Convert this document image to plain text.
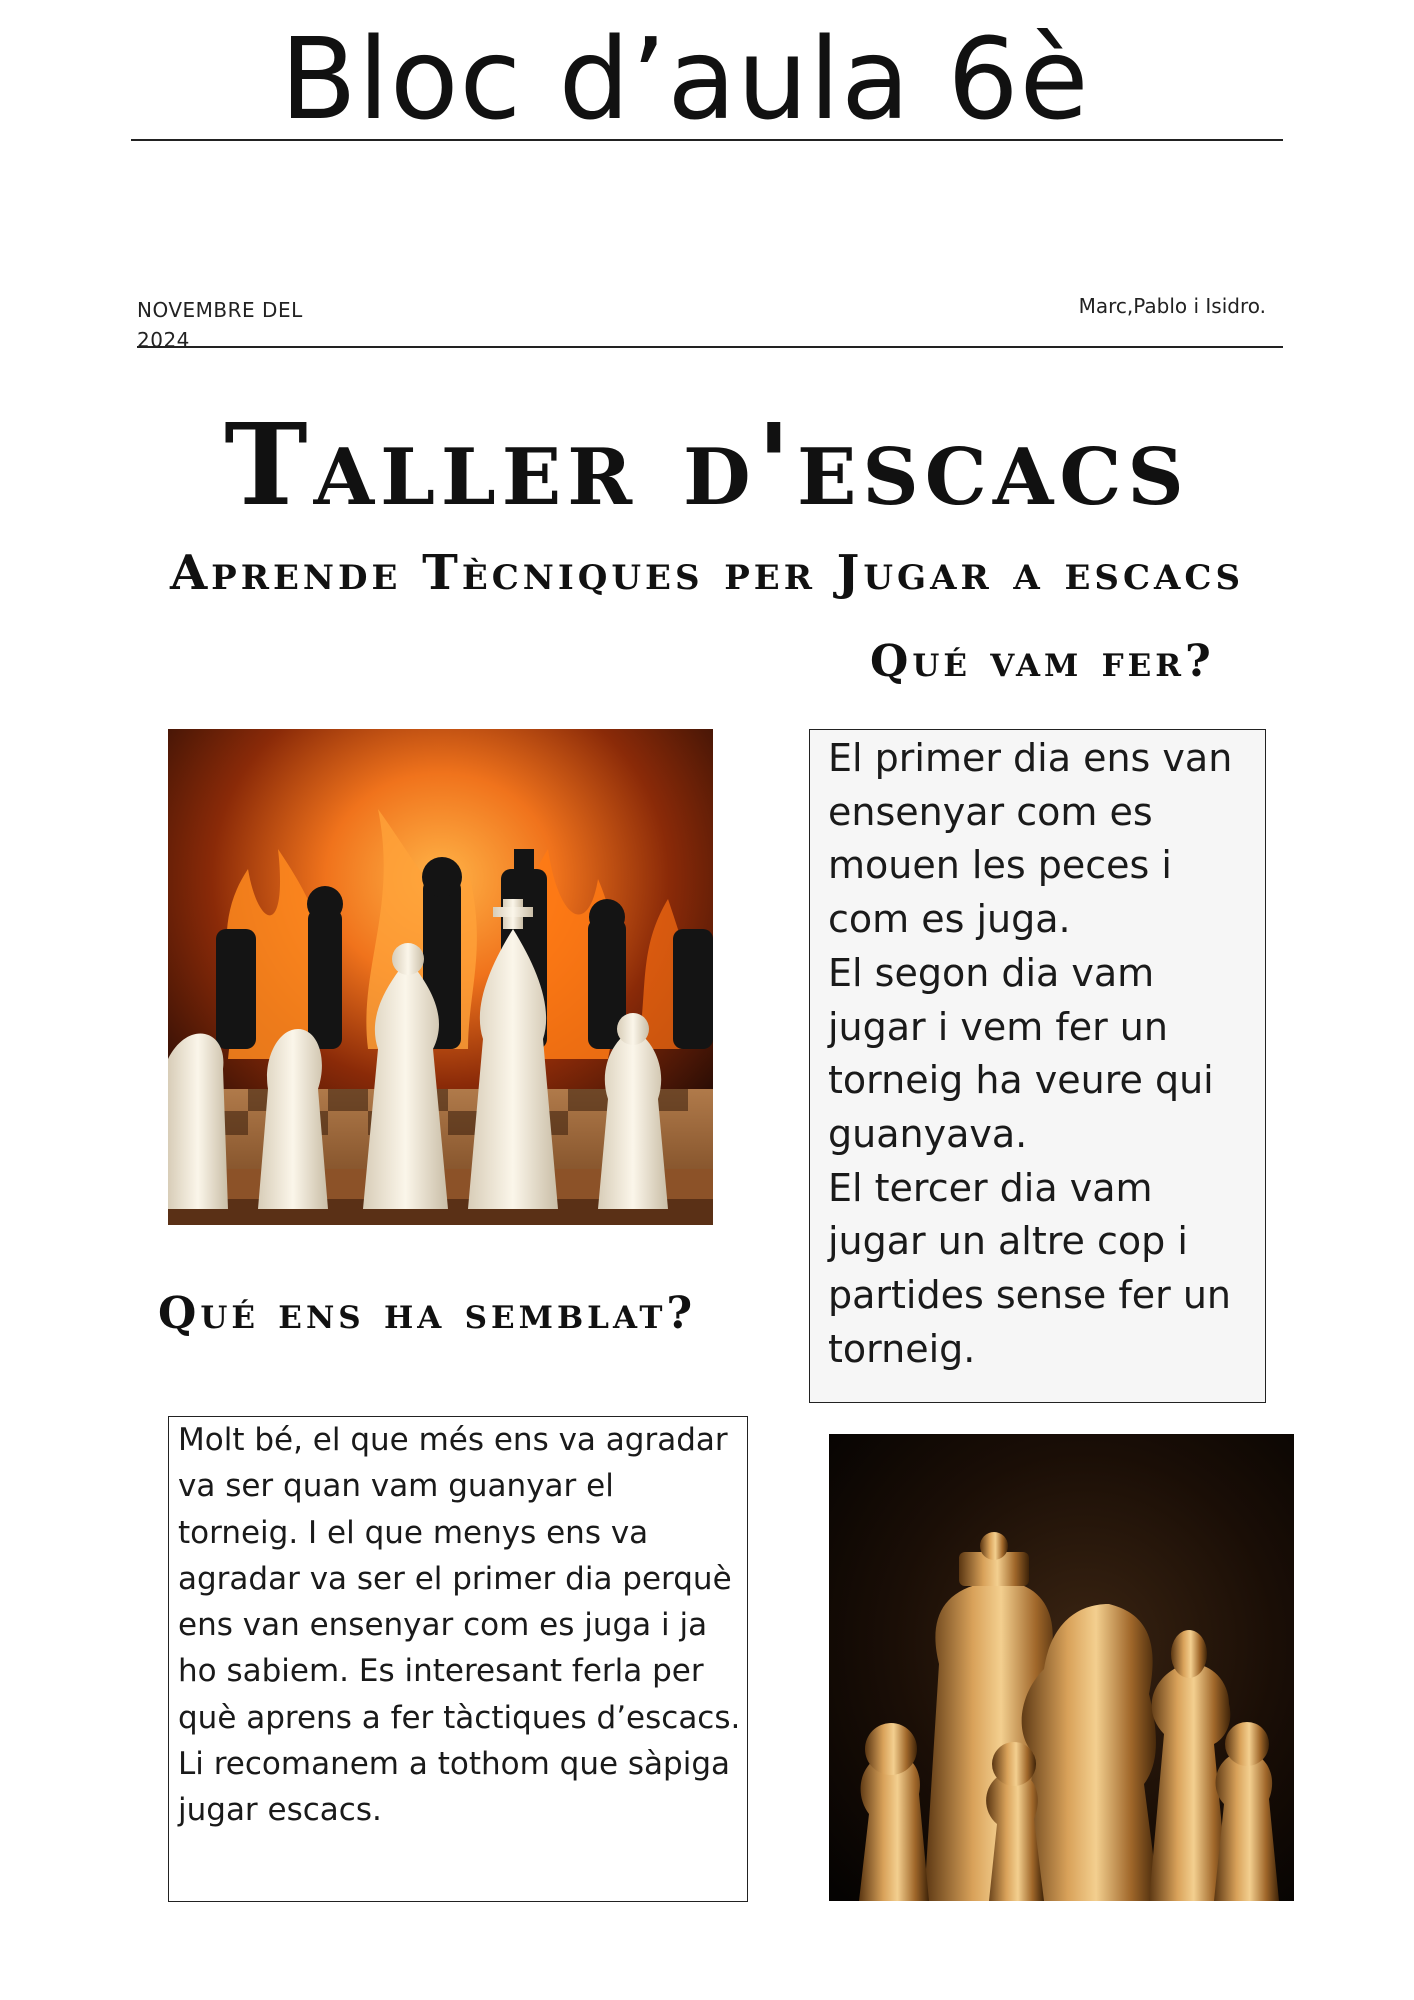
Bloc d’aula 6è
NOVEMBRE DEL 2024
Marc,Pablo i Isidro.
Taller d'escacs
Aprende Tècniques per Jugar a escacs
Qué vam fer?

El primer dia ens van ensenyar com es mouen les peces i com es juga.

El segon dia vam jugar i vem fer un torneig ha veure qui guanyava.

El tercer dia vam jugar un altre cop i partides sense fer un torneig.

Qué ens ha semblat?

Molt bé, el que més ens va agradar va ser quan vam guanyar el torneig. I el que menys ens va agradar va ser el primer dia perquè ens van ensenyar com es juga i ja ho sabiem. Es interesant ferla per què aprens a fer tàctiques d’escacs. Li recomanem a tothom que sàpiga jugar escacs.
